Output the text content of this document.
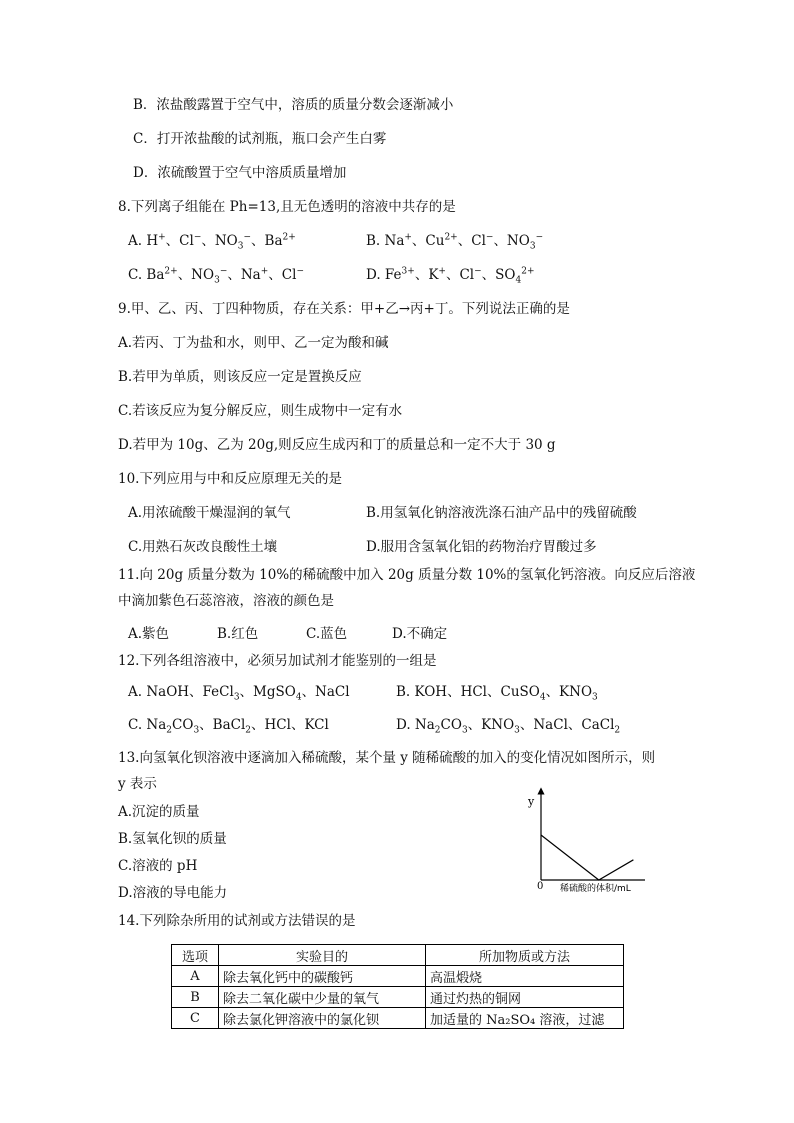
B．浓盐酸露置于空气中，溶质的质量分数会逐渐减小
C．打开浓盐酸的试剂瓶，瓶口会产生白雾
D．浓硫酸置于空气中溶质质量增加
8.下列离子组能在 Ph=13,且无色透明的溶液中共存的是
A. H+、Cl−、$NO_3^-$、$Ba^{2+}$	B. Na+、$Cu^{2+}$、Cl−、$NO_3^-$
C. $Ba^{2+}$、$NO_3^-$、Na+、Cl−	D. $Fe^{3+}$、K+、Cl−、$SO_4^{2+}$
9.甲、乙、丙、丁四种物质，存在关系：甲+乙→丙+丁。下列说法正确的是
A.若丙、丁为盐和水，则甲、乙一定为酸和碱
B.若甲为单质，则该反应一定是置换反应
C.若该反应为复分解反应，则生成物中一定有水
D.若甲为 10g、乙为 20g,则反应生成丙和丁的质量总和一定不大于 30 g
10.下列应用与中和反应原理无关的是
A.用浓硫酸干燥湿润的氧气	B.用氢氧化钠溶液洗涤石油产品中的残留硫酸
C.用熟石灰改良酸性土壤	D.服用含氢氧化铝的药物治疗胃酸过多
11.向 20g 质量分数为 10%的稀硫酸中加入 20g 质量分数 10%的氢氧化钙溶液。向反应后溶液
中滴加紫色石蕊溶液，溶液的颜色是
A.紫色	B.红色	C.蓝色	D.不确定
12.下列各组溶液中，必须另加试剂才能鉴别的一组是
A. NaOH、FeCl$_3$、MgSO$_4$、NaCl	B. KOH、HCl、CuSO$_4$、$KNO_3$
C. $Na_2CO_3$、BaCl$_2$、HCl、KCl	D. $Na_2CO_3$、$KNO_3$、NaCl、CaCl$_2$
13.向氢氧化钡溶液中逐滴加入稀硫酸，某个量 y 随稀硫酸的加入的变化情况如图所示，则
y 表示
A.沉淀的质量
B.氢氧化钡的质量
C.溶液的 pH
D.溶液的导电能力
y
0 稀硫酸的体积/mL
14.下列除杂所用的试剂或方法错误的是
选项	实验目的	所加物质或方法
A	除去氧化钙中的碳酸钙	高温煅烧
B	除去二氧化碳中少量的氧气	通过灼热的铜网
C	除去氯化钾溶液中的氯化钡	加适量的 Na₂SO₄ 溶液，过滤
